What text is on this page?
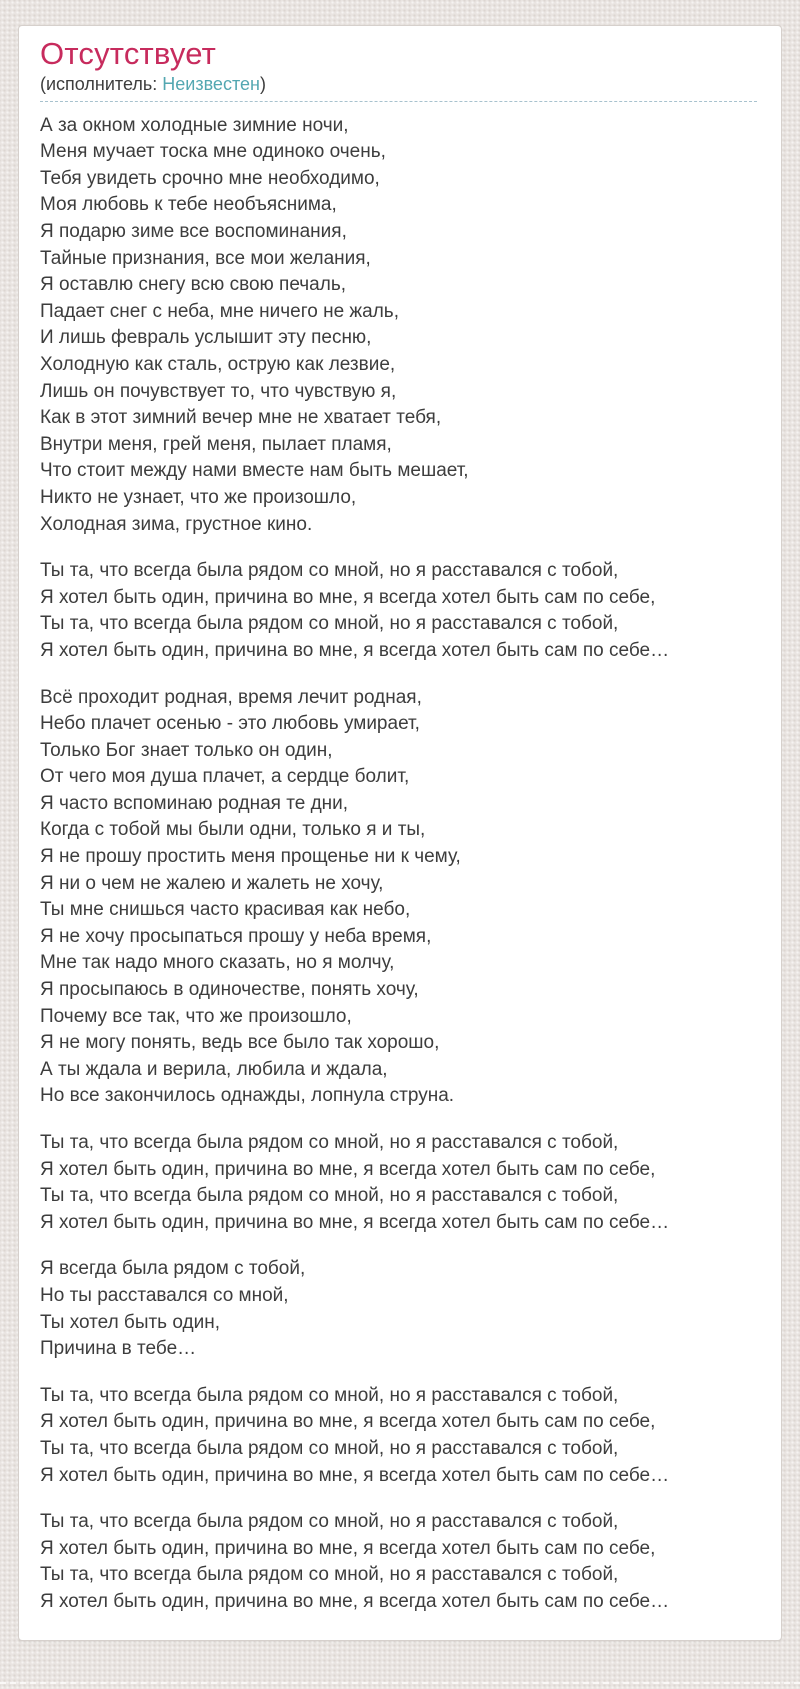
Отсутствует
(исполнитель: Неизвестен)
А за окном холодные зимние ночи,
Меня мучает тоска мне одиноко очень,
Тебя увидеть срочно мне необходимо,
Моя любовь к тебе необъяснима,
Я подарю зиме все воспоминания,
Тайные признания, все мои желания,
Я оставлю снегу всю свою печаль,
Падает снег с неба, мне ничего не жаль,
И лишь февраль услышит эту песню,
Холодную как сталь, острую как лезвие,
Лишь он почувствует то, что чувствую я,
Как в этот зимний вечер мне не хватает тебя,
Внутри меня, грей меня, пылает пламя,
Что стоит между нами вместе нам быть мешает,
Никто не узнает, что же произошло,
Холодная зима, грустное кино.
Ты та, что всегда была рядом со мной, но я расставался с тобой,
Я хотел быть один, причина во мне, я всегда хотел быть сам по себе,
Ты та, что всегда была рядом со мной, но я расставался с тобой,
Я хотел быть один, причина во мне, я всегда хотел быть сам по себе…
Всё проходит родная, время лечит родная,
Небо плачет осенью - это любовь умирает,
Только Бог знает только он один,
От чего моя душа плачет, а сердце болит,
Я часто вспоминаю родная те дни,
Когда с тобой мы были одни, только я и ты,
Я не прошу простить меня прощенье ни к чему,
Я ни о чем не жалею и жалеть не хочу,
Ты мне снишься часто красивая как небо,
Я не хочу просыпаться прошу у неба время,
Мне так надо много сказать, но я молчу,
Я просыпаюсь в одиночестве, понять хочу,
Почему все так, что же произошло,
Я не могу понять, ведь все было так хорошо,
А ты ждала и верила, любила и ждала,
Но все закончилось однажды, лопнула струна.
Ты та, что всегда была рядом со мной, но я расставался с тобой,
Я хотел быть один, причина во мне, я всегда хотел быть сам по себе,
Ты та, что всегда была рядом со мной, но я расставался с тобой,
Я хотел быть один, причина во мне, я всегда хотел быть сам по себе…
Я всегда была рядом с тобой,
Но ты расставался со мной,
Ты хотел быть один,
Причина в тебе…
Ты та, что всегда была рядом со мной, но я расставался с тобой,
Я хотел быть один, причина во мне, я всегда хотел быть сам по себе,
Ты та, что всегда была рядом со мной, но я расставался с тобой,
Я хотел быть один, причина во мне, я всегда хотел быть сам по себе…
Ты та, что всегда была рядом со мной, но я расставался с тобой,
Я хотел быть один, причина во мне, я всегда хотел быть сам по себе,
Ты та, что всегда была рядом со мной, но я расставался с тобой,
Я хотел быть один, причина во мне, я всегда хотел быть сам по себе…
